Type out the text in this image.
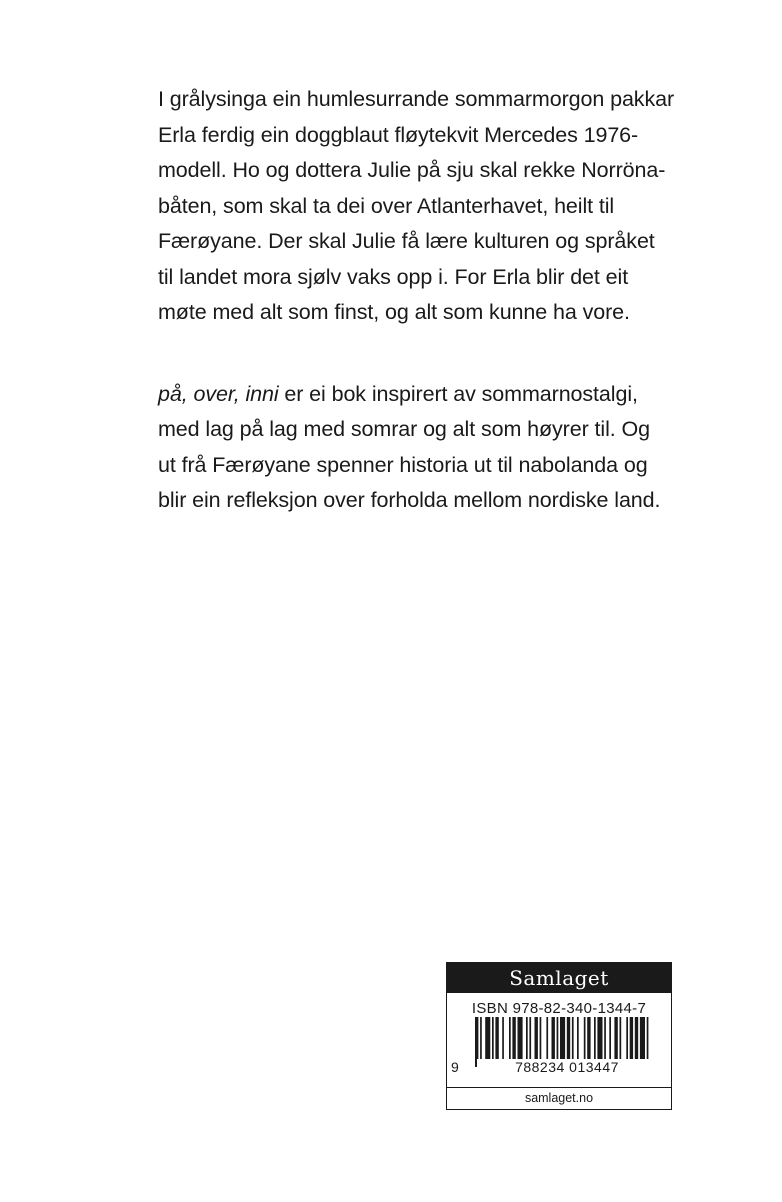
I grålysinga ein humlesurrande sommarmorgon pakkar
Erla ferdig ein doggblaut fløytekvit Mercedes 1976-
modell. Ho og dottera Julie på sju skal rekke Norröna-
båten, som skal ta dei over Atlanterhavet, heilt til
Færøyane. Der skal Julie få lære kulturen og språket
til landet mora sjølv vaks opp i. For Erla blir det eit
møte med alt som finst, og alt som kunne ha vore.

på, over, inni er ei bok inspirert av sommarnostalgi,
med lag på lag med somrar og alt som høyrer til. Og
ut frå Færøyane spenner historia ut til nabolanda og
blir ein refleksjon over forholda mellom nordiske land.

Samlaget
ISBN 978-82-340-1344-7
9	788234 013447
samlaget.no
